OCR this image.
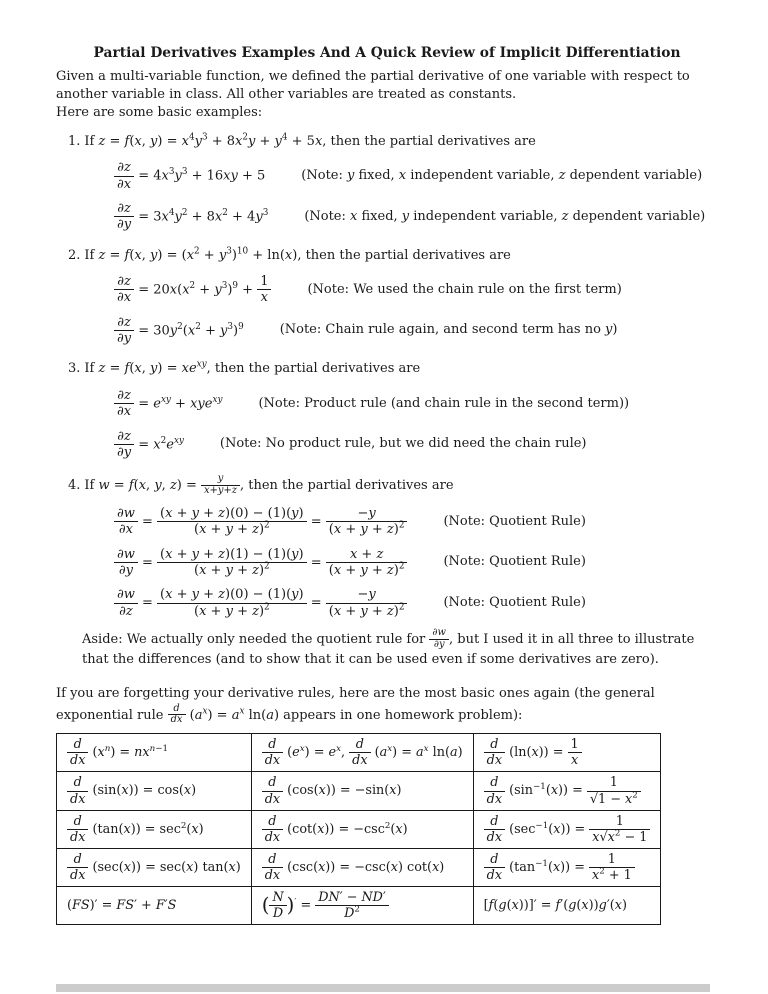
Partial Derivatives Examples And A Quick Review of Implicit Differentiation
Given a multi-variable function, we defined the partial derivative of one variable with respect to another variable in class. All other variables are treated as constants.
Here are some basic examples:
1. If z = f(x, $y) = x^4y^3 + 8x^2y + y^4 + 5x$, then the partial derivatives are
$\frac{\partial z}{\partial x} = 4x^3y^3 + 16xy + 5$	(Note: y fixed, x independent variable, z dependent variable)
$\frac{\partial z}{\partial y} = 3x^4y^2 + 8x^2 + 4y^3$	(Note: x fixed, y independent variable, z dependent variable)
2. If z = f(x, $y) = (x^2 + y^3)^{10} + \ln(x)$, then the partial derivatives are
$\frac{\partial z}{\partial x} = 20x(x^2 + y^3)^9 + \frac{1}{x}$	(Note: We used the chain rule on the first term)
$\frac{\partial z}{\partial y} = 30y^2(x^2 + y^3)^9$	(Note: Chain rule again, and second term has no y)
3. If z = f(x, $y) = xe^{xy}$, then the partial derivatives are
$\frac{\partial z}{\partial x} = e^{xy} + xye^{xy}$	(Note: Product rule (and chain rule in the second term))
$\frac{\partial z}{\partial y} = x^2e^{xy}$	(Note: No product rule, but we did need the chain rule)
4. If w = f(x, y, $z) = \frac{y}{x+y+z}$ , then the partial derivatives are
$\frac{\partial w}{\partial x} = \frac{(x + y + z)(0) - (1)(y)}{(x + y + z)^2} = \frac{-y}{(x + y + z)^2}$	(Note: Quotient Rule)
$\frac{\partial w}{\partial y} = \frac{(x + y + z)(1) - (1)(y)}{(x + y + z)^2} = \frac{x + z}{(x + y + z)^2}$	(Note: Quotient Rule)
$\frac{\partial w}{\partial z} = \frac{(x + y + z)(0) - (1)(y)}{(x + y + z)^2} = \frac{-y}{(x + y + z)^2}$	(Note: Quotient Rule)
Aside: We actually only needed the quotient rule for $\frac{\partial w}{\partial y}$ , but I used it in all three to illustrate that the differences (and to show that it can be used even if some derivatives are zero).
If you are forgetting your derivative rules, here are the most basic ones again (the general exponential rule $\frac{d}{dx} (a^x) = a^x$ ln(a) appears in one homework problem):
$\frac{d}{dx} (x^n) = nx^{n-1}$	$\frac{d}{dx} (e^x) = e^x$, $\frac{d}{dx} (a^x) = a^x$ ln(a)	$\frac{d}{dx} (\ln(x)) = \frac{1}{x}$

$\frac{d}{dx} (\sin(x)) = \cos(x)$	$\frac{d}{dx} (\cos(x)) = -\sin(x)$	$\frac{d}{dx} (\sin^{-1}(x)) = \frac{1}{√1 - x^2}$

$\frac{d}{dx} (\tan(x)) = \sec^2(x)$	$\frac{d}{dx} (\cot(x)) = -\csc^2(x)$	$\frac{d}{dx} (\sec^{-1}(x)) = \frac{1}{x√x^2 - 1}$

$\frac{d}{dx} (\sec(x)) = \sec(x)$ tan(x)	$\frac{d}{dx} (\csc(x)) = -\csc(x)$ cot(x)	$\frac{d}{dx} (\tan^{-1}(x)) = \frac{1}{x^2 + 1}$

(FS)′ = FS′ + F′S	( $\frac{N}{D} )' = \frac{DN' - ND'}{D^2}$	[f(g(x))]′ = f′(g(x))g′(x)
